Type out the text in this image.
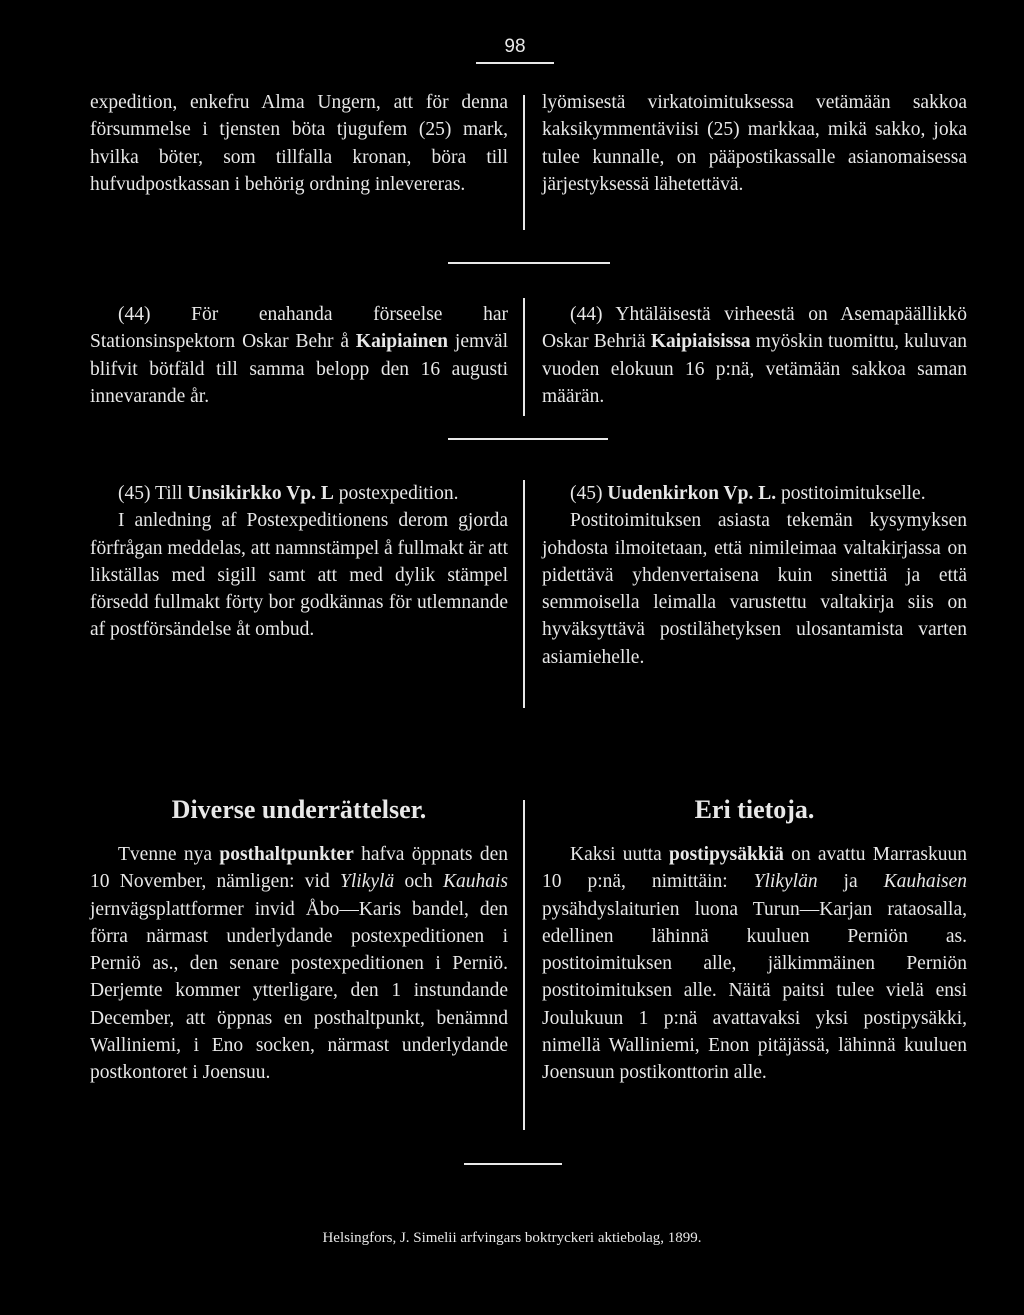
98

expedition, enkefru Alma Ungern, att för denna försummelse i tjensten böta tjugufem (25) mark, hvilka böter, som tillfalla kronan, böra till hufvudpostkassan i behörig ordning inlevereras.

lyömisestä virkatoimituksessa vetämään sakkoa kaksikymmentäviisi (25) markkaa, mikä sakko, joka tulee kunnalle, on pääpostikassalle asianomaisessa järjestyksessä lähetettävä.

(44) För enahanda förseelse har Stationsinspektorn Oskar Behr å Kaipiainen jemväl blifvit bötfäld till samma belopp den 16 augusti innevarande år.

(44) Yhtäläisestä virheestä on Asemapäällikkö Oskar Behriä Kaipiaisissa myöskin tuomittu, kuluvan vuoden elokuun 16 p:nä, vetämään sakkoa saman määrän.

(45) Till Unsikirkko Vp. L postexpedition.

I anledning af Postexpeditionens derom gjorda förfrågan meddelas, att namnstämpel å fullmakt är att likställas med sigill samt att med dylik stämpel försedd fullmakt förty bor godkännas för utlemnande af postförsändelse åt ombud.

(45) Uudenkirkon Vp. L. postitoimitukselle.

Postitoimituksen asiasta tekemän kysymyksen johdosta ilmoitetaan, että nimileimaa valtakirjassa on pidettävä yhdenvertaisena kuin sinettiä ja että semmoisella leimalla varustettu valtakirja siis on hyväksyttävä postilähetyksen ulosantamista varten asiamiehelle.

Diverse underrättelser.	Eri tietoja.

Tvenne nya posthaltpunkter hafva öppnats den 10 November, nämligen: vid Ylikylä och Kauhais jernvägsplattformer invid Åbo—Karis bandel, den förra närmast underlydande postexpeditionen i Perniö as., den senare postexpeditionen i Perniö. Derjemte kommer ytterligare, den 1 instundande December, att öppnas en posthaltpunkt, benämnd Walliniemi, i Eno socken, närmast underlydande postkontoret i Joensuu.

Kaksi uutta postipysäkkiä on avattu Marraskuun 10 p:nä, nimittäin: Ylikylän ja Kauhaisen pysähdyslaiturien luona Turun—Karjan rataosalla, edellinen lähinnä kuuluen Perniön as. postitoimituksen alle, jälkimmäinen Perniön postitoimituksen alle. Näitä paitsi tulee vielä ensi Joulukuun 1 p:nä avattavaksi yksi postipysäkki, nimellä Walliniemi, Enon pitäjässä, lähinnä kuuluen Joensuun postikonttorin alle.

Helsingfors, J. Simelii arfvingars boktryckeri aktiebolag, 1899.
